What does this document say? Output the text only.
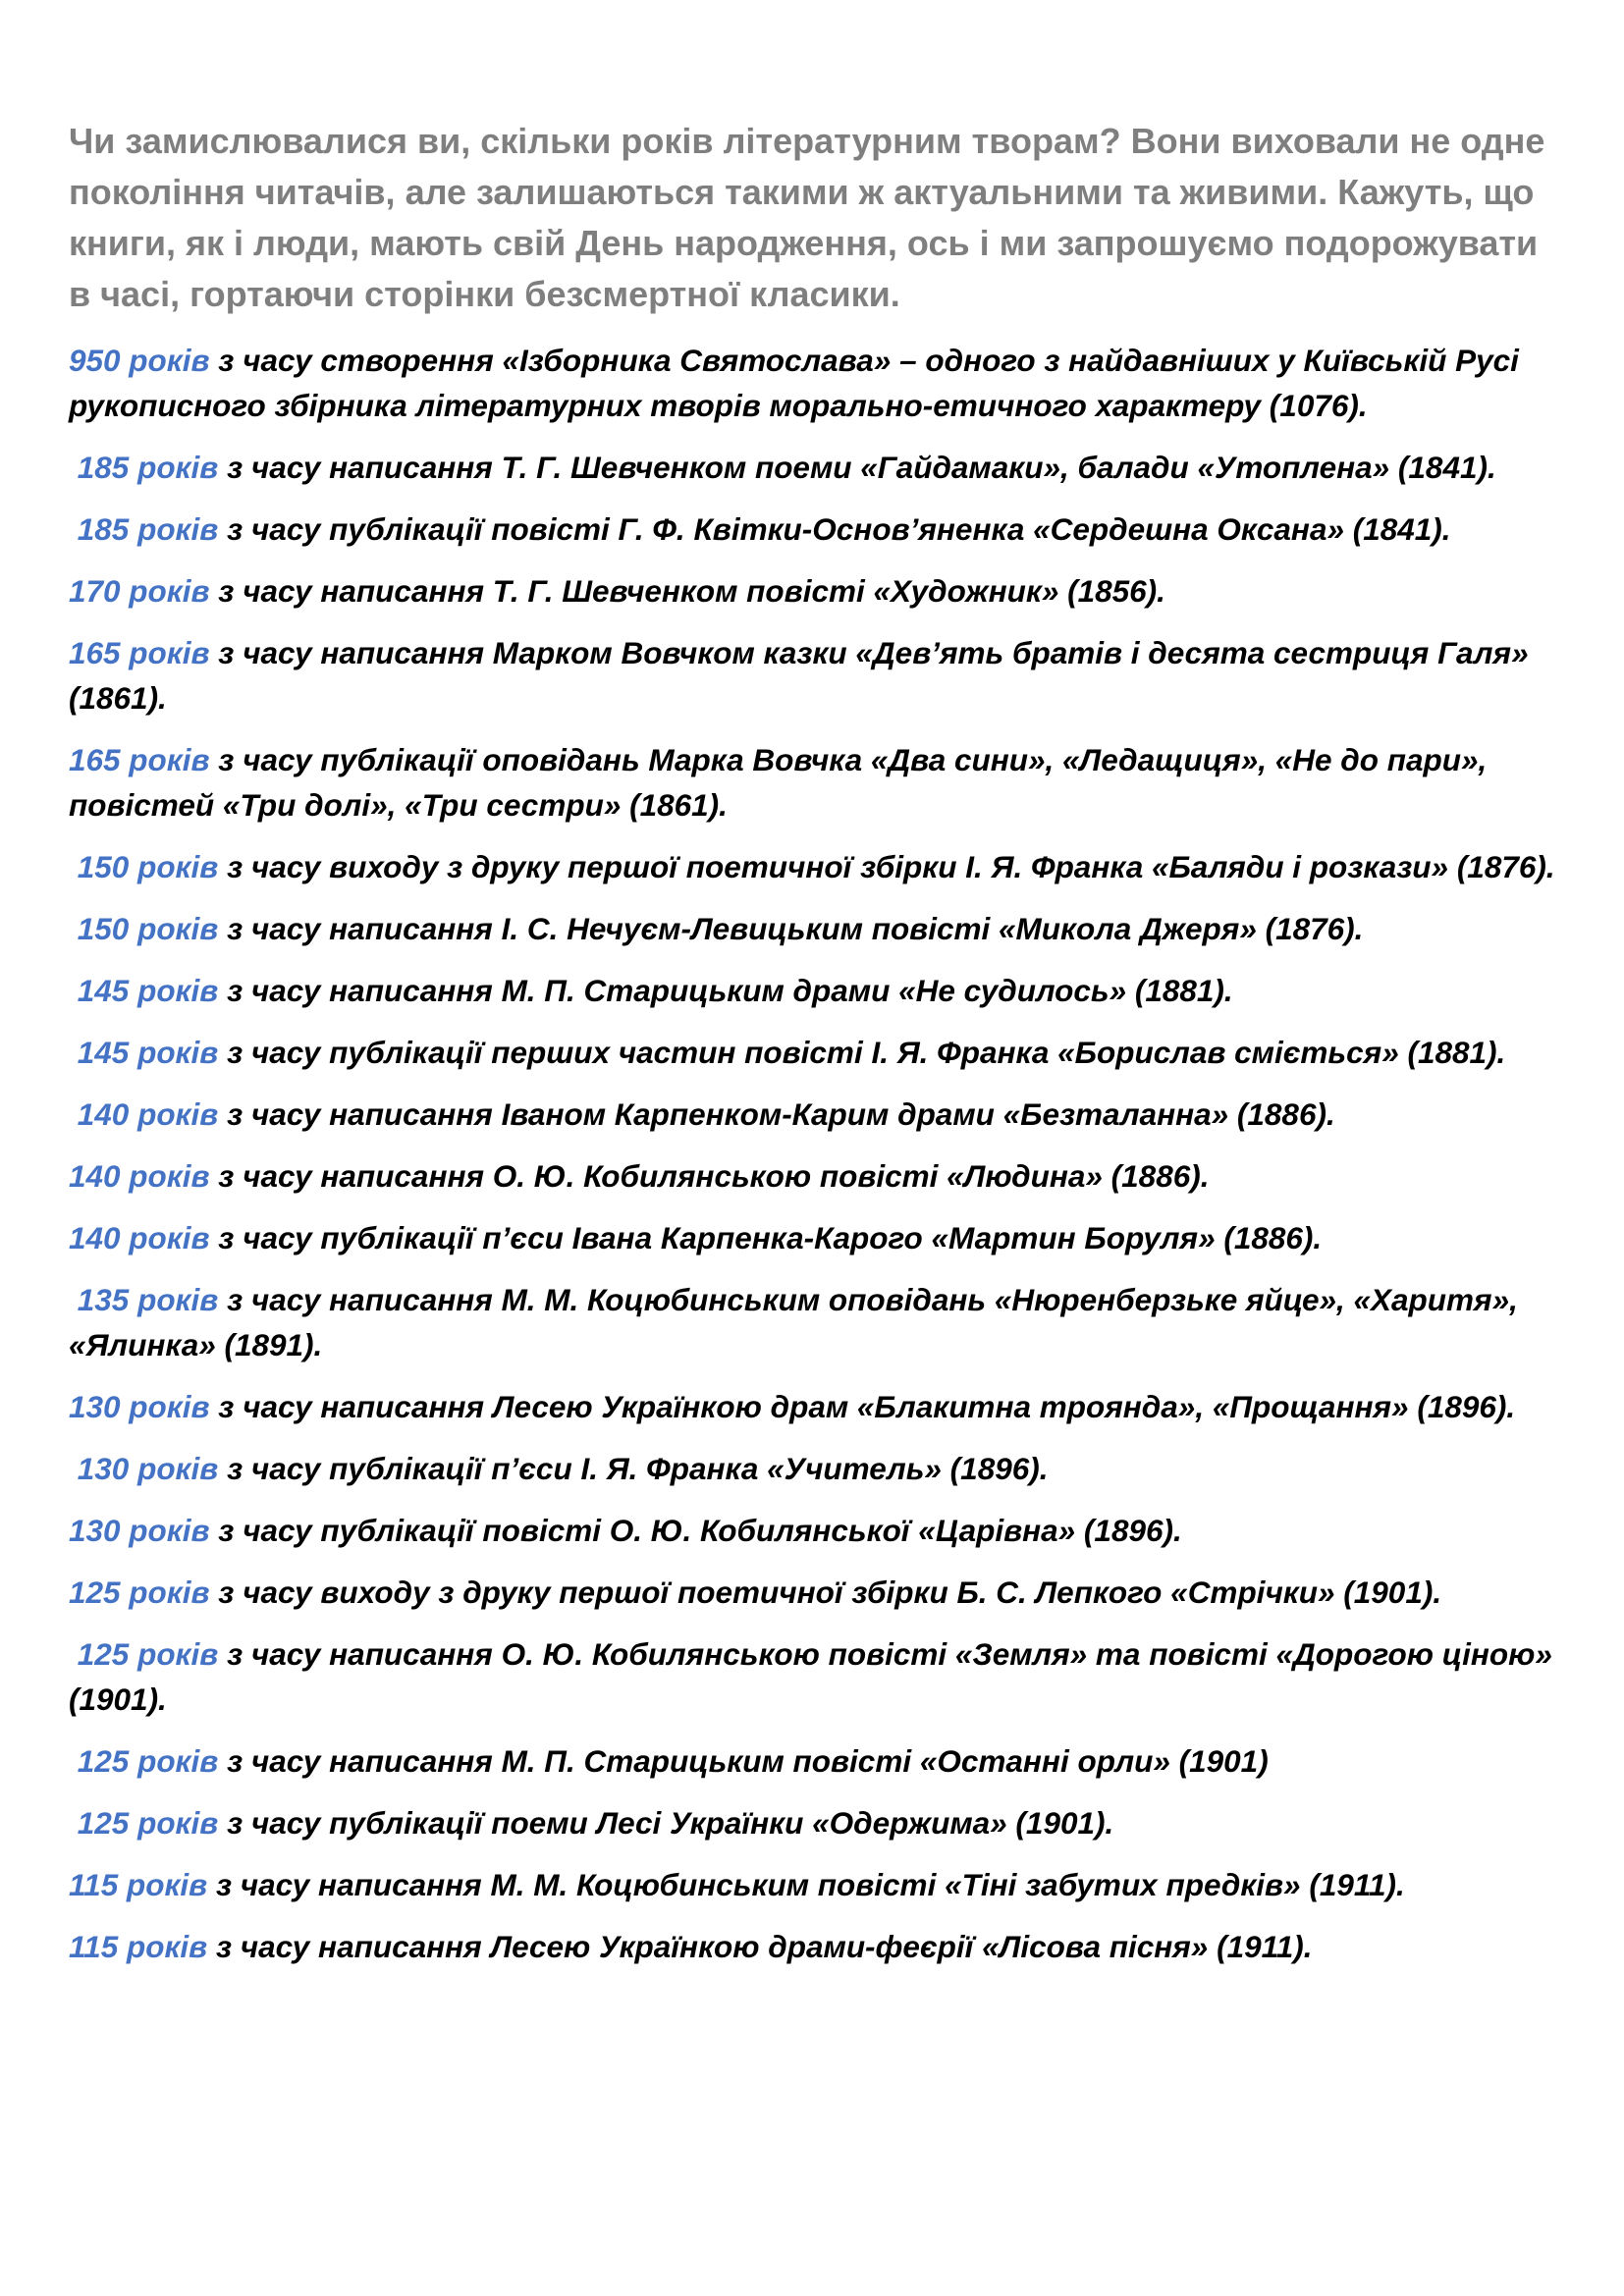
Чи замислювалися ви, скільки років літературним творам? Вони виховали не одне покоління читачів, але залишаються такими ж актуальними та живими. Кажуть, що книги, як і люди, мають свій День народження, ось і ми запрошуємо подорожувати в часі, гортаючи сторінки безсмертної класики.

950 років з часу створення «Ізборника Святослава» – одного з найдавніших у Київській Русі рукописного збірника літературних творів морально-етичного характеру (1076).
185 років з часу написання Т. Г. Шевченком поеми «Гайдамаки», балади «Утоплена» (1841).
185 років з часу публікації повісті Г. Ф. Квітки-Основ’яненка «Сердешна Оксана» (1841).
170 років з часу написання Т. Г. Шевченком повісті «Художник» (1856).
165 років з часу написання Марком Вовчком казки «Дев’ять братів і десята сестриця Галя» (1861).
165 років з часу публікації оповідань Марка Вовчка «Два сини», «Ледащиця», «Не до пари», повістей «Три долі», «Три сестри» (1861).
150 років з часу виходу з друку першої поетичної збірки І. Я. Франка «Баляди і розкази» (1876).
150 років з часу написання І. С. Нечуєм-Левицьким повісті «Микола Джеря» (1876).
145 років з часу написання М. П. Старицьким драми «Не судилось» (1881).
145 років з часу публікації перших частин повісті І. Я. Франка «Борислав сміється» (1881).
140 років з часу написання Іваном Карпенком-Карим драми «Безталанна» (1886).
140 років з часу написання О. Ю. Кобилянською повісті «Людина» (1886).
140 років з часу публікації п’єси Івана Карпенка-Карого «Мартин Боруля» (1886).
135 років з часу написання М. М. Коцюбинським оповідань «Нюренберзьке яйце», «Харитя», «Ялинка» (1891).
130 років з часу написання Лесею Українкою драм «Блакитна троянда», «Прощання» (1896).
130 років з часу публікації п’єси І. Я. Франка «Учитель» (1896).
130 років з часу публікації повісті О. Ю. Кобилянської «Царівна» (1896).
125 років з часу виходу з друку першої поетичної збірки Б. С. Лепкого «Стрічки» (1901).
125 років з часу написання О. Ю. Кобилянською повісті «Земля» та повісті «Дорогою ціною» (1901).
125 років з часу написання М. П. Старицьким повісті «Останні орли» (1901)
125 років з часу публікації поеми Лесі Українки «Одержима» (1901).
115 років з часу написання М. М. Коцюбинським повісті «Тіні забутих предків» (1911).
115 років з часу написання Лесею Українкою драми-феєрії «Лісова пісня» (1911).
